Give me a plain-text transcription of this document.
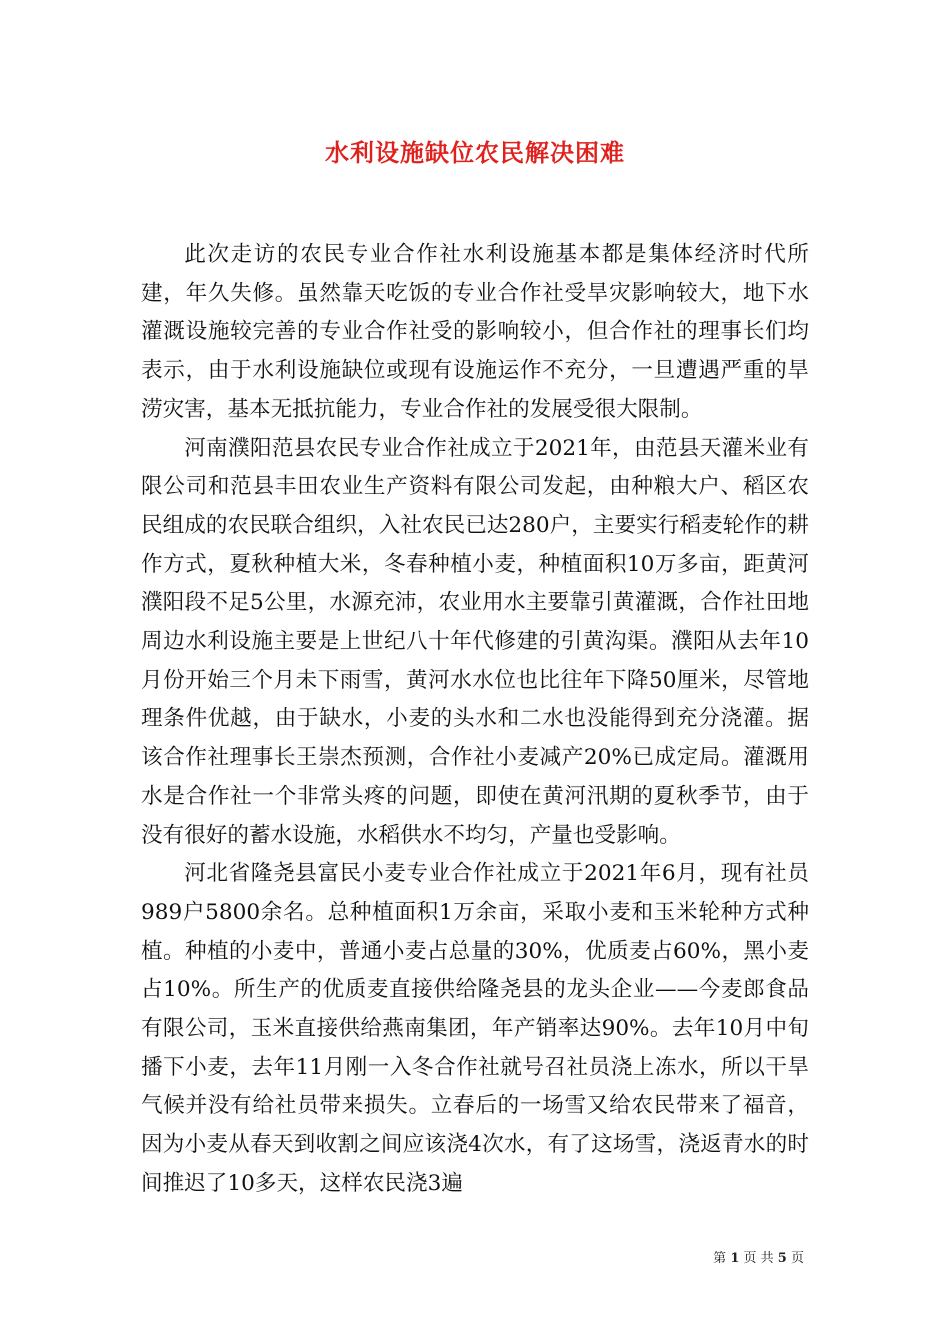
水利设施缺位农民解决困难

此次走访的农民专业合作社水利设施基本都是集体经济时代所建，年久失修。虽然靠天吃饭的专业合作社受旱灾影响较大，地下水灌溉设施较完善的专业合作社受的影响较小，但合作社的理事长们均表示，由于水利设施缺位或现有设施运作不充分，一旦遭遇严重的旱涝灾害，基本无抵抗能力，专业合作社的发展受很大限制。

河南濮阳范县农民专业合作社成立于2021年，由范县天灌米业有限公司和范县丰田农业生产资料有限公司发起，由种粮大户、稻区农民组成的农民联合组织，入社农民已达280户，主要实行稻麦轮作的耕作方式，夏秋种植大米，冬春种植小麦，种植面积10万多亩，距黄河濮阳段不足5公里，水源充沛，农业用水主要靠引黄灌溉，合作社田地周边水利设施主要是上世纪八十年代修建的引黄沟渠。濮阳从去年10月份开始三个月未下雨雪，黄河水水位也比往年下降50厘米，尽管地理条件优越，由于缺水，小麦的头水和二水也没能得到充分浇灌。据该合作社理事长王崇杰预测，合作社小麦减产20%已成定局。灌溉用水是合作社一个非常头疼的问题，即使在黄河汛期的夏秋季节，由于没有很好的蓄水设施，水稻供水不均匀，产量也受影响。

河北省隆尧县富民小麦专业合作社成立于2021年6月，现有社员989户5800余名。总种植面积1万余亩，采取小麦和玉米轮种方式种植。种植的小麦中，普通小麦占总量的30%，优质麦占60%，黑小麦占10%。所生产的优质麦直接供给隆尧县的龙头企业——今麦郎食品有限公司，玉米直接供给燕南集团，年产销率达90%。去年10月中旬播下小麦，去年11月刚一入冬合作社就号召社员浇上冻水，所以干旱气候并没有给社员带来损失。立春后的一场雪又给农民带来了福音，因为小麦从春天到收割之间应该浇4次水，有了这场雪，浇返青水的时间推迟了10多天，这样农民浇3遍

第 1 页 共 5 页
